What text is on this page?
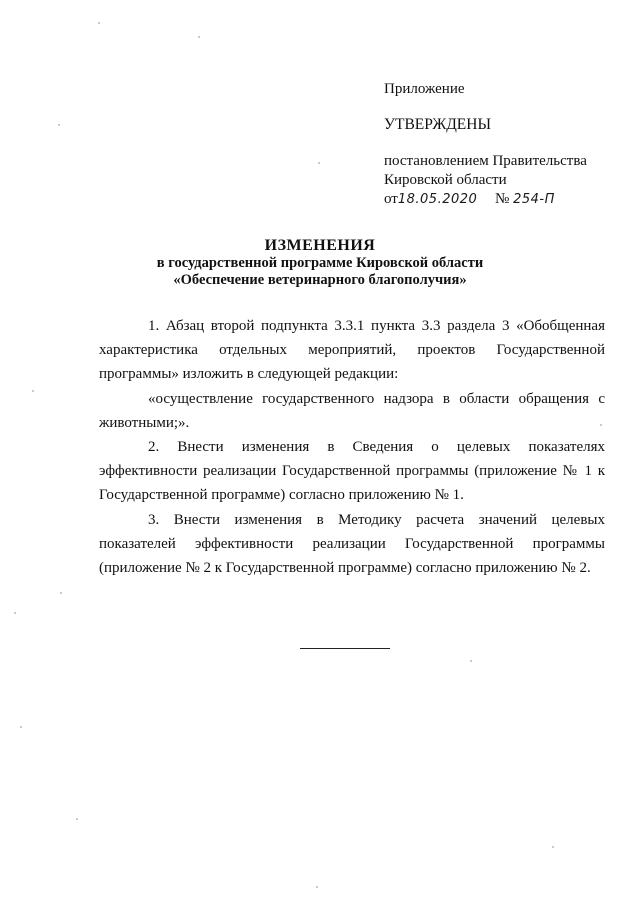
Приложение
УТВЕРЖДЕНЫ
постановлением Правительства
Кировской области
от18.05.2020 № 254-П
ИЗМЕНЕНИЯ
в государственной программе Кировской области
«Обеспечение ветеринарного благополучия»

1. Абзац второй подпункта 3.3.1 пункта 3.3 раздела 3 «Обобщенная характеристика отдельных мероприятий, проектов Государственной программы» изложить в следующей редакции:

«осуществление государственного надзора в области обращения с животными;».

2. Внести изменения в Сведения о целевых показателях эффективности реализации Государственной программы (приложение № 1 к Государственной программе) согласно приложению № 1.

3. Внести изменения в Методику расчета значений целевых показателей эффективности реализации Государственной программы (приложение № 2 к Государственной программе) согласно приложению № 2.
